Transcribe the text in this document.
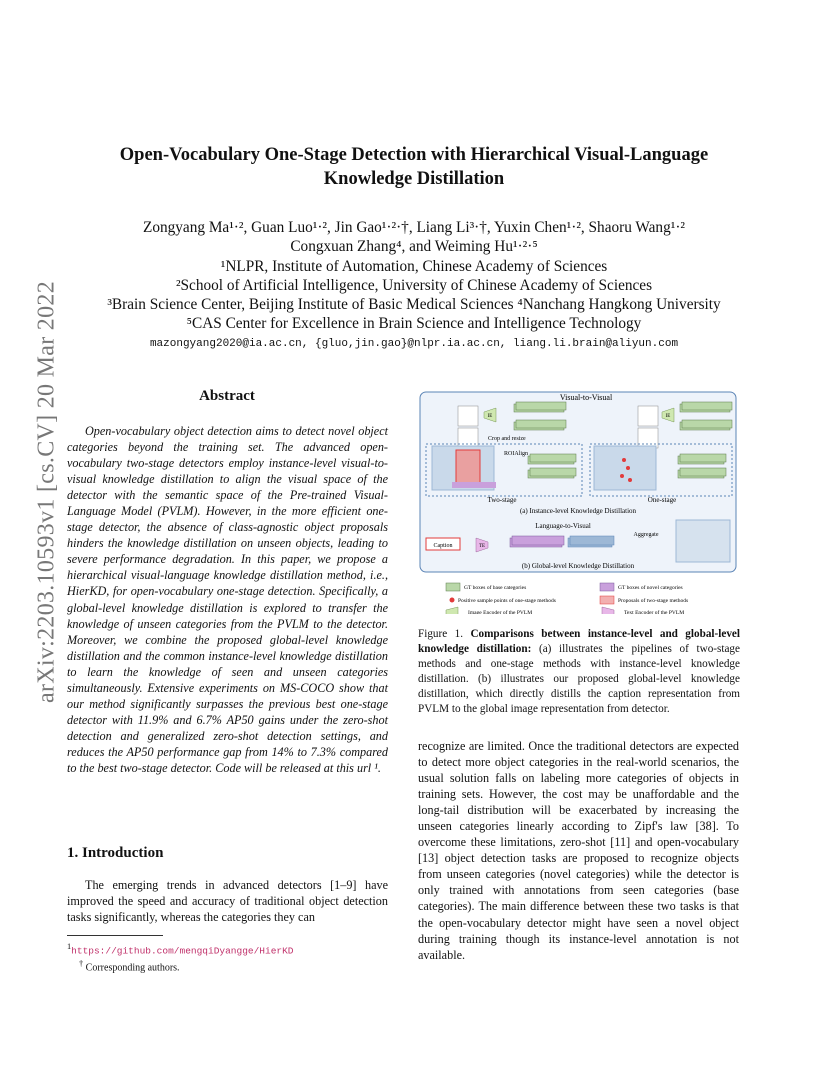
arXiv:2203.10593v1 [cs.CV] 20 Mar 2022
Open-Vocabulary One-Stage Detection with Hierarchical Visual-Language
Knowledge Distillation
Zongyang Ma¹·², Guan Luo¹·², Jin Gao¹·²·†, Liang Li³·†, Yuxin Chen¹·², Shaoru Wang¹·²
Congxuan Zhang⁴, and Weiming Hu¹·²·⁵
¹NLPR, Institute of Automation, Chinese Academy of Sciences
²School of Artificial Intelligence, University of Chinese Academy of Sciences
³Brain Science Center, Beijing Institute of Basic Medical Sciences ⁴Nanchang Hangkong University
⁵CAS Center for Excellence in Brain Science and Intelligence Technology
mazongyang2020@ia.ac.cn, {gluo,jin.gao}@nlpr.ia.ac.cn, liang.li.brain@aliyun.com
Abstract

Open-vocabulary object detection aims to detect novel object categories beyond the training set. The advanced open-vocabulary two-stage detectors employ instance-level visual-to-visual knowledge distillation to align the visual space of the detector with the semantic space of the Pre-trained Visual-Language Model (PVLM). However, in the more efficient one-stage detector, the absence of class-agnostic object proposals hinders the knowledge distillation on unseen objects, leading to severe performance degradation. In this paper, we propose a hierarchical visual-language knowledge distillation method, i.e., HierKD, for open-vocabulary one-stage detection. Specifically, a global-level knowledge distillation is explored to transfer the knowledge of unseen categories from the PVLM to the detector. Moreover, we combine the proposed global-level knowledge distillation and the common instance-level knowledge distillation to learn the knowledge of seen and unseen categories simultaneously. Extensive experiments on MS-COCO show that our method significantly surpasses the previous best one-stage detector with 11.9% and 6.7% AP50 gains under the zero-shot detection and generalized zero-shot detection settings, and reduces the AP50 performance gap from 14% to 7.3% compared to the best two-stage detector. Code will be released at this url ¹.

1. Introduction

The emerging trends in advanced detectors [1–9] have improved the speed and accuracy of traditional object detection tasks significantly, whereas the categories they can

$^1$https://github.com/mengqiDyangge/HierKD
† Corresponding authors.
Visual-to-Visual
IE
Crop and resize
IE
ROIAlign
Two-stage	One-stage
(a) Instance-level Knowledge Distillation
Language-to-Visual
Caption	TE
Aggregate
(b) Global-level Knowledge Distillation
GT boxes of base categories	GT boxes of novel categories
Positive sample points of one-stage methods	Proposals of two-stage methods
Image Encoder of the PVLM	Text Encoder of the PVLM
Figure 1. Comparisons between instance-level and global-level knowledge distillation: (a) illustrates the pipelines of two-stage methods and one-stage methods with instance-level knowledge distillation. (b) illustrates our proposed global-level knowledge distillation, which directly distills the caption representation from PVLM to the global image representation from detector.

recognize are limited. Once the traditional detectors are expected to detect more object categories in the real-world scenarios, the usual solution falls on labeling more categories of objects in training sets. However, the cost may be unaffordable and the long-tail distribution will be exacerbated by increasing the unseen categories linearly according to Zipf's law [38]. To overcome these limitations, zero-shot [11] and open-vocabulary [13] object detection tasks are proposed to recognize objects from unseen categories (novel categories) while the detector is only trained with annotations from seen categories (base categories). The main difference between these two tasks is that the open-vocabulary detector might have seen a novel object during training though its instance-level annotation is not available.
